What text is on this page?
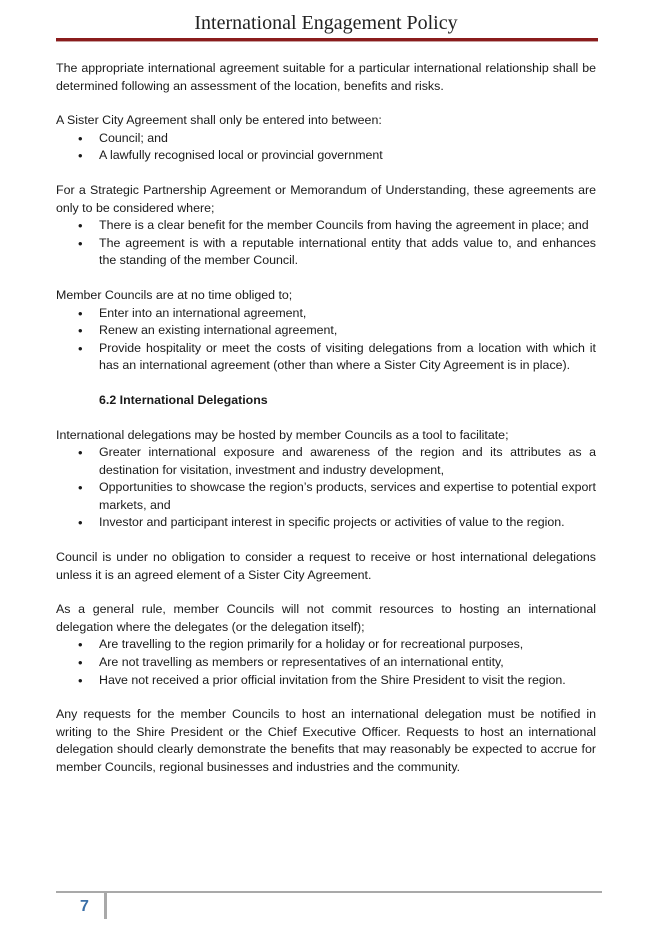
International Engagement Policy

The appropriate international agreement suitable for a particular international relationship shall be determined following an assessment of the location, benefits and risks.

A Sister City Agreement shall only be entered into between:

• Council; and
• A lawfully recognised local or provincial government

For a Strategic Partnership Agreement or Memorandum of Understanding, these agreements are only to be considered where;

• There is a clear benefit for the member Councils from having the agreement in place; and
• The agreement is with a reputable international entity that adds value to, and enhances the standing of the member Council.

Member Councils are at no time obliged to;

• Enter into an international agreement,
• Renew an existing international agreement,
• Provide hospitality or meet the costs of visiting delegations from a location with which it has an international agreement (other than where a Sister City Agreement is in place).
6.2 International Delegations

International delegations may be hosted by member Councils as a tool to facilitate;

• Greater international exposure and awareness of the region and its attributes as a destination for visitation, investment and industry development,
• Opportunities to showcase the region’s products, services and expertise to potential export markets, and
• Investor and participant interest in specific projects or activities of value to the region.

Council is under no obligation to consider a request to receive or host international delegations unless it is an agreed element of a Sister City Agreement.

As a general rule, member Councils will not commit resources to hosting an international delegation where the delegates (or the delegation itself);

• Are travelling to the region primarily for a holiday or for recreational purposes,
• Are not travelling as members or representatives of an international entity,
• Have not received a prior official invitation from the Shire President to visit the region.

Any requests for the member Councils to host an international delegation must be notified in writing to the Shire President or the Chief Executive Officer. Requests to host an international delegation should clearly demonstrate the benefits that may reasonably be expected to accrue for member Councils, regional businesses and industries and the community.

7
